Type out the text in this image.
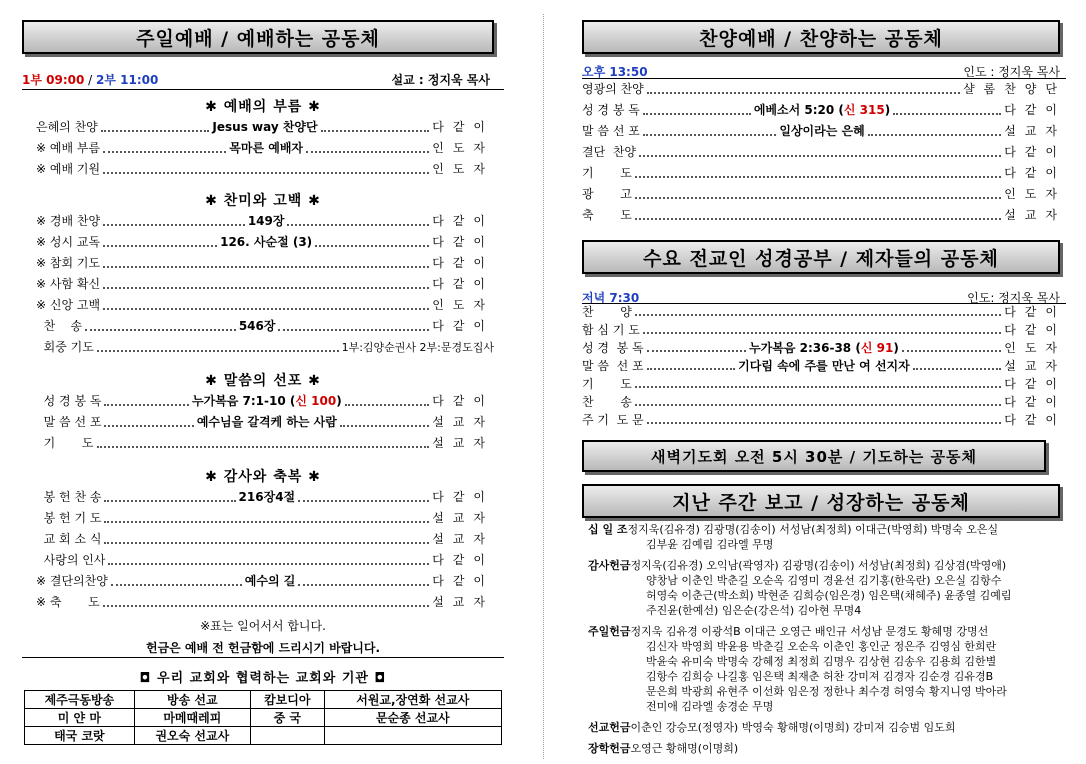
주일예배 / 예배하는 공동체
1부 09:00 / 2부 11:00	설교 : 정지욱 목사
✱ 예배의 부름 ✱
은혜의 찬양	Jesus way 찬양단	다같이
※ 예배 부름	목마른 예배자	인도자
※ 예배 기원	인도자
✱ 찬미와 고백 ✱
※ 경배 찬양	149장	다같이
※ 성시 교독	126. 사순절 (3)	다같이
※ 참회 기도	다같이
※ 사함 확신	다같이
※ 신앙 고백	인도자
찬    송	546장	다같이
회중 기도	1부:김양순권사 2부:문경도집사
✱ 말씀의 선포 ✱
성 경 봉 독	누가복음 7:1-10 (신 100)	다같이
말 씀 선 포	예수님을 갈격케 하는 사람	설교자
기       도	설교자
✱ 감사와 축복 ✱
봉 헌 찬 송	216장4절	다같이
봉 헌 기 도	설교자
교 회 소 식	설교자
사랑의 인사	다같이
※ 결단의찬양	예수의 길	다같이
※ 축       도	설교자
※표는 일어서서 합니다.
헌금은 예배 전 헌금함에 드리시기 바랍니다.
◘ 우리 교회와 협력하는 교회와 기관 ◘
제주극동방송	방송 선교	캄보디아	서원교,장연화 선교사
미 얀 마	마메때레피	중 국	문순종 선교사
태국 코랏	권오숙 선교사		
찬양예배 / 찬양하는 공동체
오후 13:50	인도 : 정지욱 목사
영광의 찬양	샬롬찬양단
성 경 봉 독	에베소서 5:20 (신 315)	다같이
말 씀 선 포	일상이라는 은혜	설교자
결단  찬양	다같이
기       도	다같이
광       고	인도자
축       도	설교자
수요 전교인 성경공부 / 제자들의 공동체
저녁 7:30	인도: 정지욱 목사
찬       양	다같이
함 심 기 도	다같이
성 경  봉 독	누가복음 2:36-38 (신 91)	인도자
말 씀  선 포	기다림 속에 주를 만난 여 선지자	설교자
기       도	다같이
찬       송	다같이
주 기  도 문	다같이
새벽기도회 오전 5시 30분 / 기도하는 공동체
지난 주간 보고 / 성장하는 공동체
십 일 조정지욱(김유경) 김광명(김송이) 서성남(최정희) 이대근(박영희) 박명숙 오은실
김부윤 김예림 김라엘 무명
감사헌금정지욱(김유경) 오익남(곽영자) 김광명(김송이) 서성남(최정희) 김상겸(박영애)
양창남 이춘인 박춘길 오순옥 김영미 경윤선 김기홍(한옥란) 오은실 김항수
허영숙 이춘근(박소희) 박현준 김희승(임은경) 임은택(채혜주) 윤종열 김예림
주진윤(한예선) 임은순(강은석) 김아현 무명4
주일헌금정지욱 김유경 이광석B 이대근 오영근 배인규 서성남 문경도 황혜명 강명선
김신자 박영희 박윤용 박춘길 오순옥 이춘인 홍인군 정은주 김영심 한희란
박윤숙 유미숙 박명숙 강혜정 최정희 김명우 김상현 김송우 김용희 김한별
김항수 김희승 나길홍 임은택 최재춘 허찬 강미져 김경자 김순경 김유경B
문은희 박광희 유현주 이선화 임은정 정한나 최수경 허영숙 황지니영 박아라
전미애 김라엘 송경순 무명
선교헌금이춘인 강승모(정영자) 박영숙 황해명(이명희) 강미져 김승범 임도희
장학헌금오영근 황해명(이명희)
